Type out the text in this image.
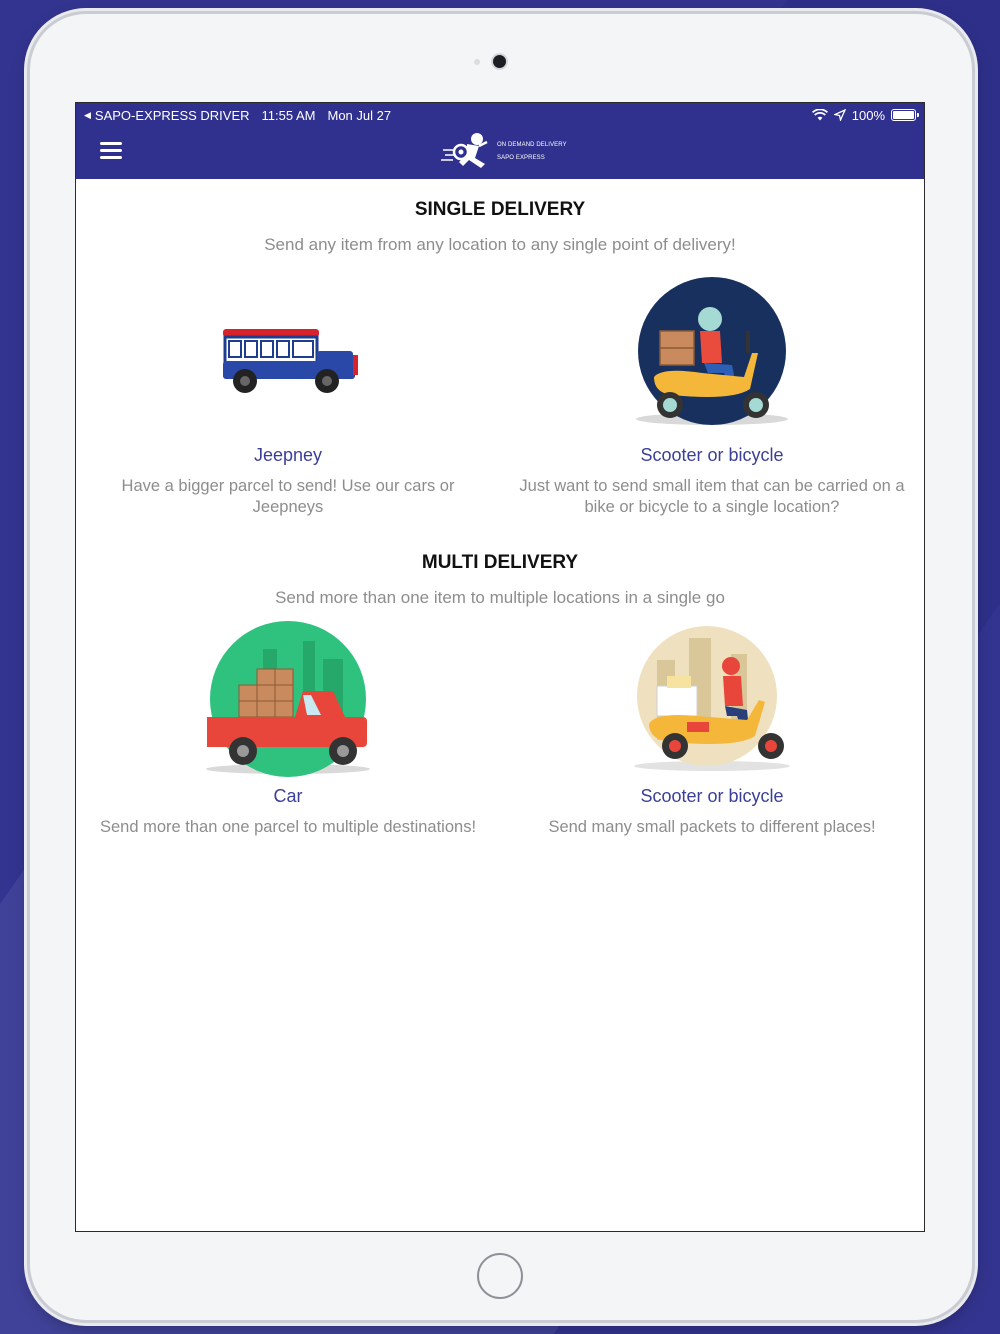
◀ SAPO-EXPRESS DRIVER 11:55 AM Mon Jul 27	100%
ON DEMAND DELIVERY
SAPO EXPRESS
SINGLE DELIVERY
Send any item from any location to any single point of delivery!
Jeepney
Have a bigger parcel to send! Use our cars or Jeepneys
Scooter or bicycle
Just want to send small item that can be carried on a bike or bicycle to a single location?
MULTI DELIVERY
Send more than one item to multiple locations in a single go
Car
Send more than one parcel to multiple destinations!
Scooter or bicycle
Send many small packets to different places!
